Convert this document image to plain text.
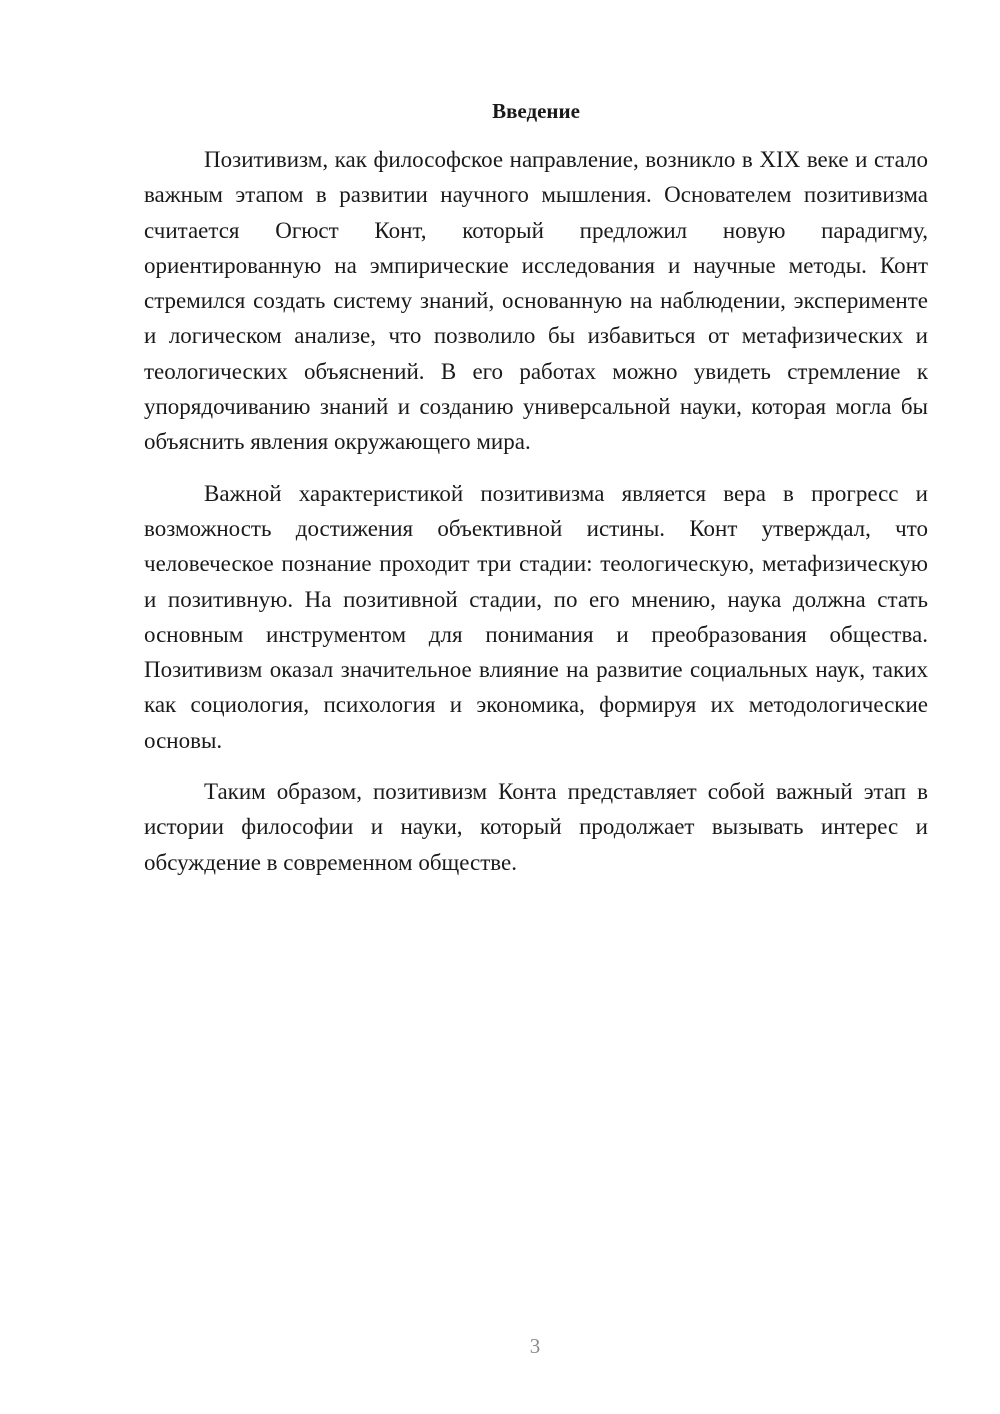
Введение

Позитивизм, как философское направление, возникло в XIX веке и стало важным этапом в развитии научного мышления. Основателем позитивизма считается Огюст Конт, который предложил новую парадигму, ориентированную на эмпирические исследования и научные методы. Конт стремился создать систему знаний, основанную на наблюдении, эксперименте и логическом анализе, что позволило бы избавиться от метафизических и теологических объяснений. В его работах можно увидеть стремление к упорядочиванию знаний и созданию универсальной науки, которая могла бы объяснить явления окружающего мира.

Важной характеристикой позитивизма является вера в прогресс и возможность достижения объективной истины. Конт утверждал, что человеческое познание проходит три стадии: теологическую, метафизическую и позитивную. На позитивной стадии, по его мнению, наука должна стать основным инструментом для понимания и преобразования общества. Позитивизм оказал значительное влияние на развитие социальных наук, таких как социология, психология и экономика, формируя их методологические основы.

Таким образом, позитивизм Конта представляет собой важный этап в истории философии и науки, который продолжает вызывать интерес и обсуждение в современном обществе.

3
